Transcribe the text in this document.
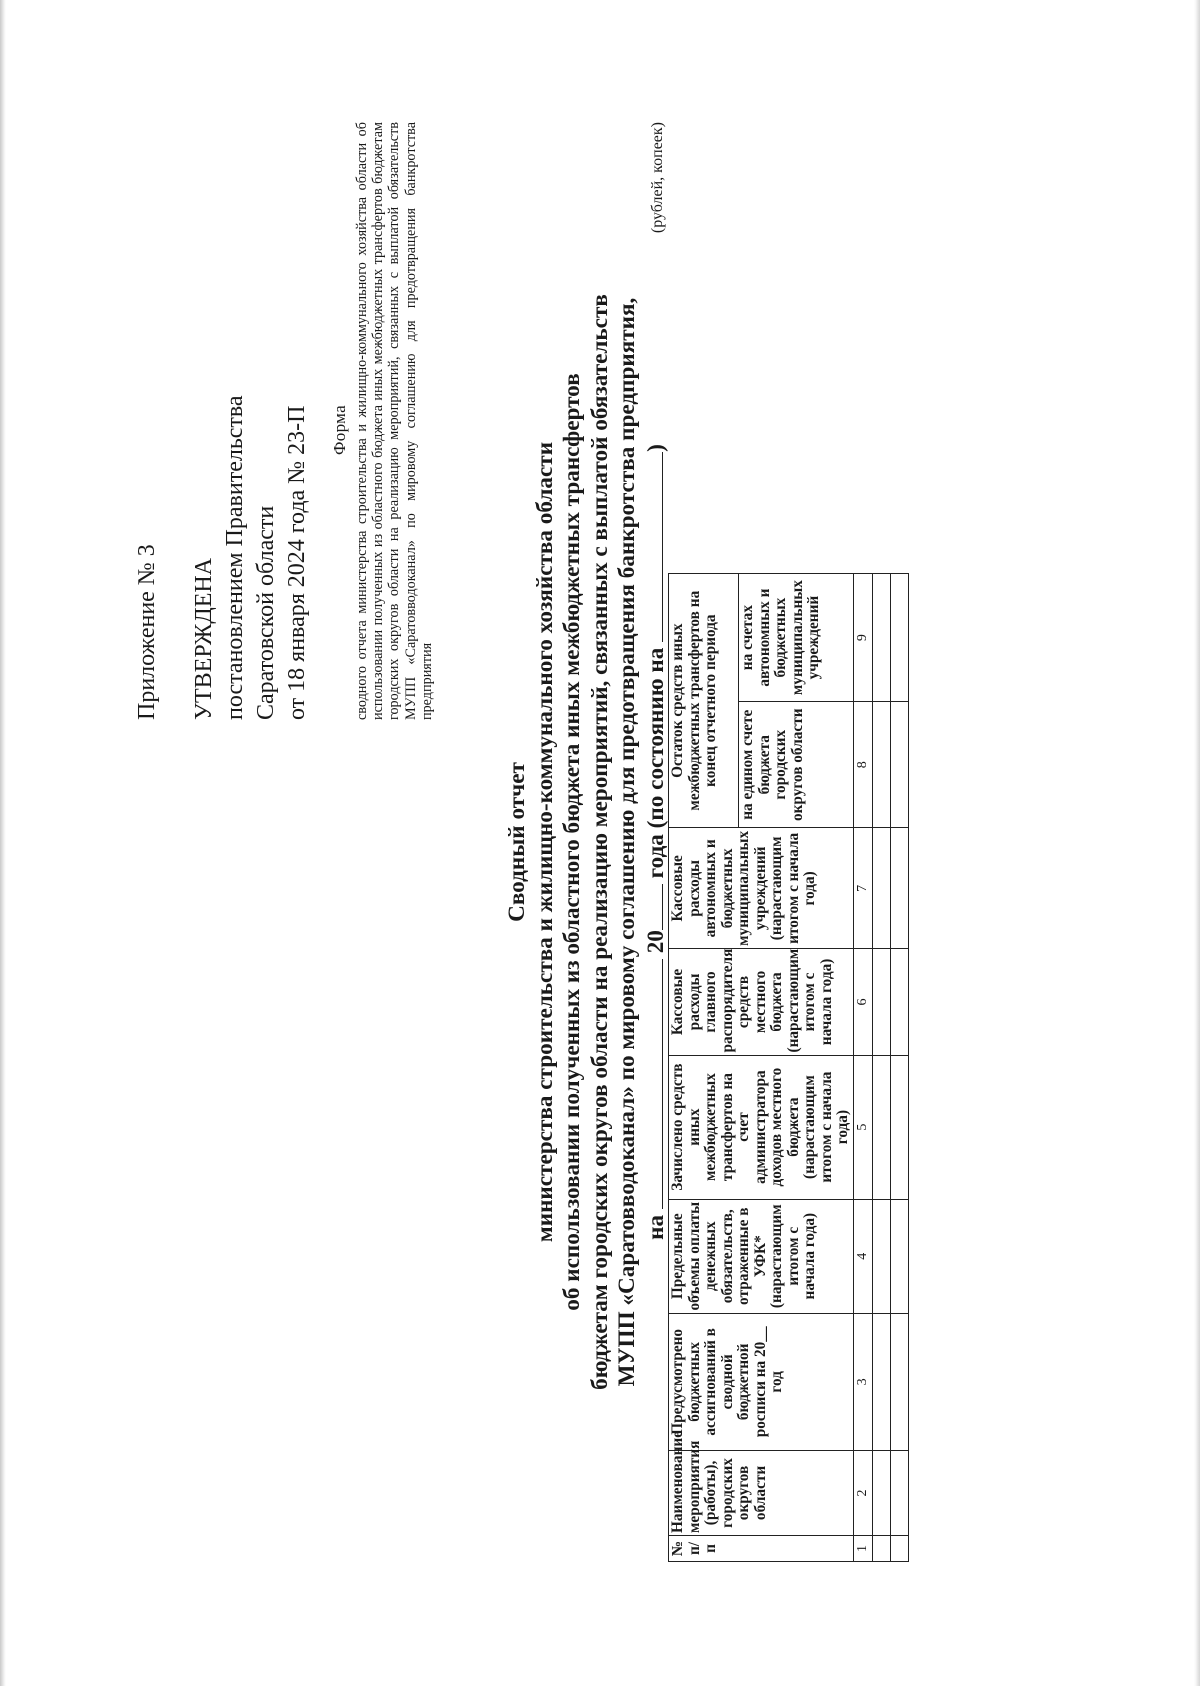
Приложение № 3 УТВЕРЖДЕНА постановлением Правительства Саратовской области от 18 января 2024 года № 23-П Форма сводного отчета министерства строительства и жилищно-коммунального хозяйства области об использовании полученных из областного бюджета иных межбюджетных трансфертов бюджетам городских округов области на реализацию мероприятий, связанных с выплатой обязательств МУПП «Саратовводоканал» по мировому соглашению для предотвращения банкротства предприятия
Сводный отчет министерства строительства и жилищно-коммунального хозяйства области об использовании полученных из областного бюджета иных межбюджетных трансфертов бюджетам городских округов области на реализацию мероприятий, связанных с выплатой обязательств МУПП «Саратовводоканал» по мировому соглашению для предотвращения банкротства предприятия, на  20 года (по состоянию на )
(рублей, копеек)
№ п/п	Наименование мероприятия (работы), городских округов области	Предусмотрено бюджетных ассигнований в сводной бюджетной росписи на 20__ год	Предельные объемы оплаты денежных обязательств, отраженные в УФК* (нарастающим итогом с начала года)	Зачислено средств иных межбюджетных трансфертов на счет администратора доходов местного бюджета (нарастающим итогом с начала года)	Кассовые расходы главного распорядителя средств местного бюджета (нарастающим итогом с начала года)	Кассовые расходы автономных и бюджетных муниципальных учреждений (нарастающим итогом с начала года)	Остаток средств иных межбюджетных трансфертов на конец отчетного периода		
							на едином счете бюджета городских округов области	на счетах автономных и бюджетных муниципальных учреждений	
1	2	3	4	5	6	7	8	9	
